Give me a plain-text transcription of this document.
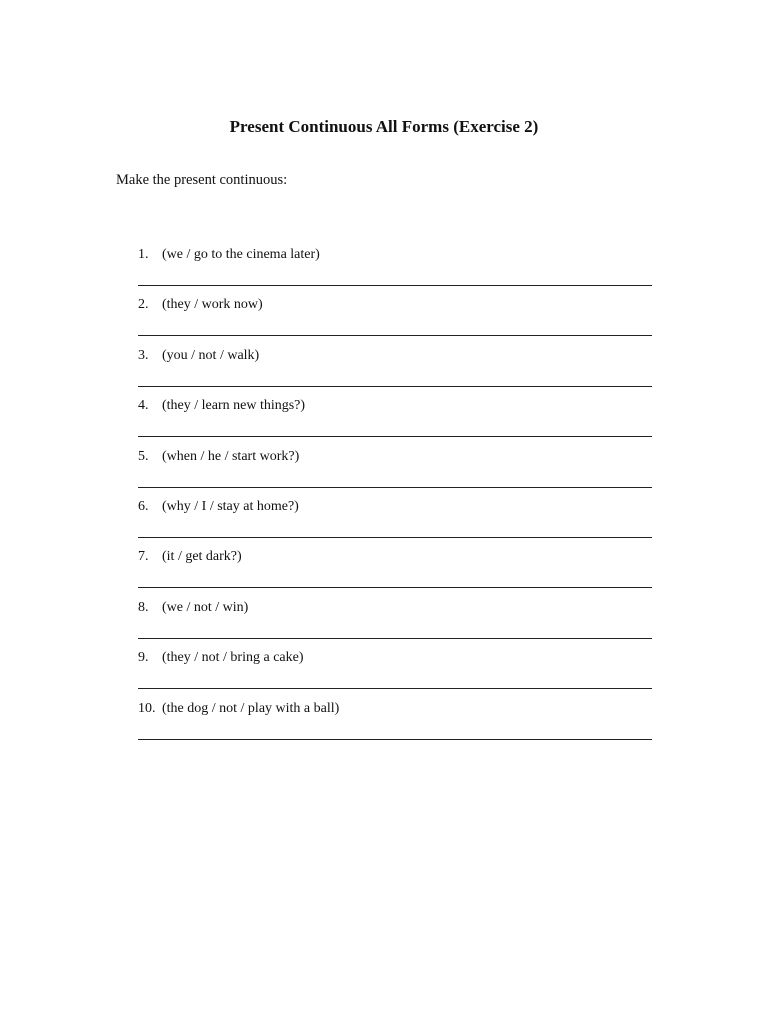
Present Continuous All Forms (Exercise 2)
Make the present continuous:
1. (we / go to the cinema later)
2. (they / work now)
3. (you / not / walk)
4. (they / learn new things?)
5. (when / he / start work?)
6. (why / I / stay at home?)
7. (it / get dark?)
8. (we / not / win)
9. (they / not / bring a cake)
10. (the dog / not / play with a ball)
